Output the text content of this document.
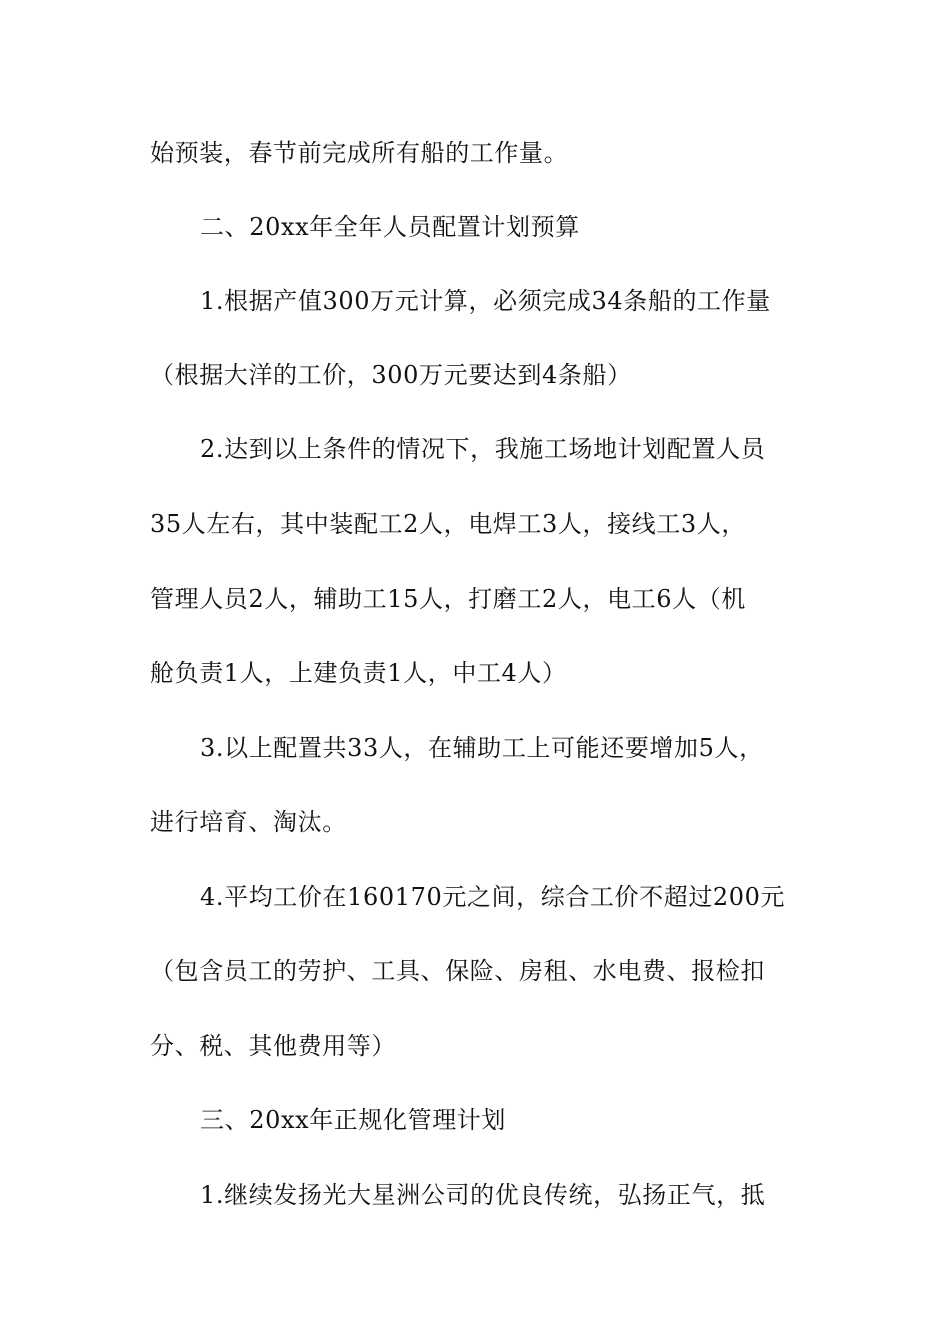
始预装，春节前完成所有船的工作量。
二、20xx年全年人员配置计划预算
1.根据产值300万元计算，必须完成34条船的工作量
（根据大洋的工价，300万元要达到4条船）
2.达到以上条件的情况下，我施工场地计划配置人员
35人左右，其中装配工2人，电焊工3人，接线工3人，
管理人员2人，辅助工15人，打磨工2人，电工6人（机
舱负责1人，上建负责1人，中工4人）
3.以上配置共33人，在辅助工上可能还要增加5人，
进行培育、淘汰。
4.平均工价在160170元之间，综合工价不超过200元
（包含员工的劳护、工具、保险、房租、水电费、报检扣
分、税、其他费用等）
三、20xx年正规化管理计划
1.继续发扬光大星洲公司的优良传统，弘扬正气，抵
